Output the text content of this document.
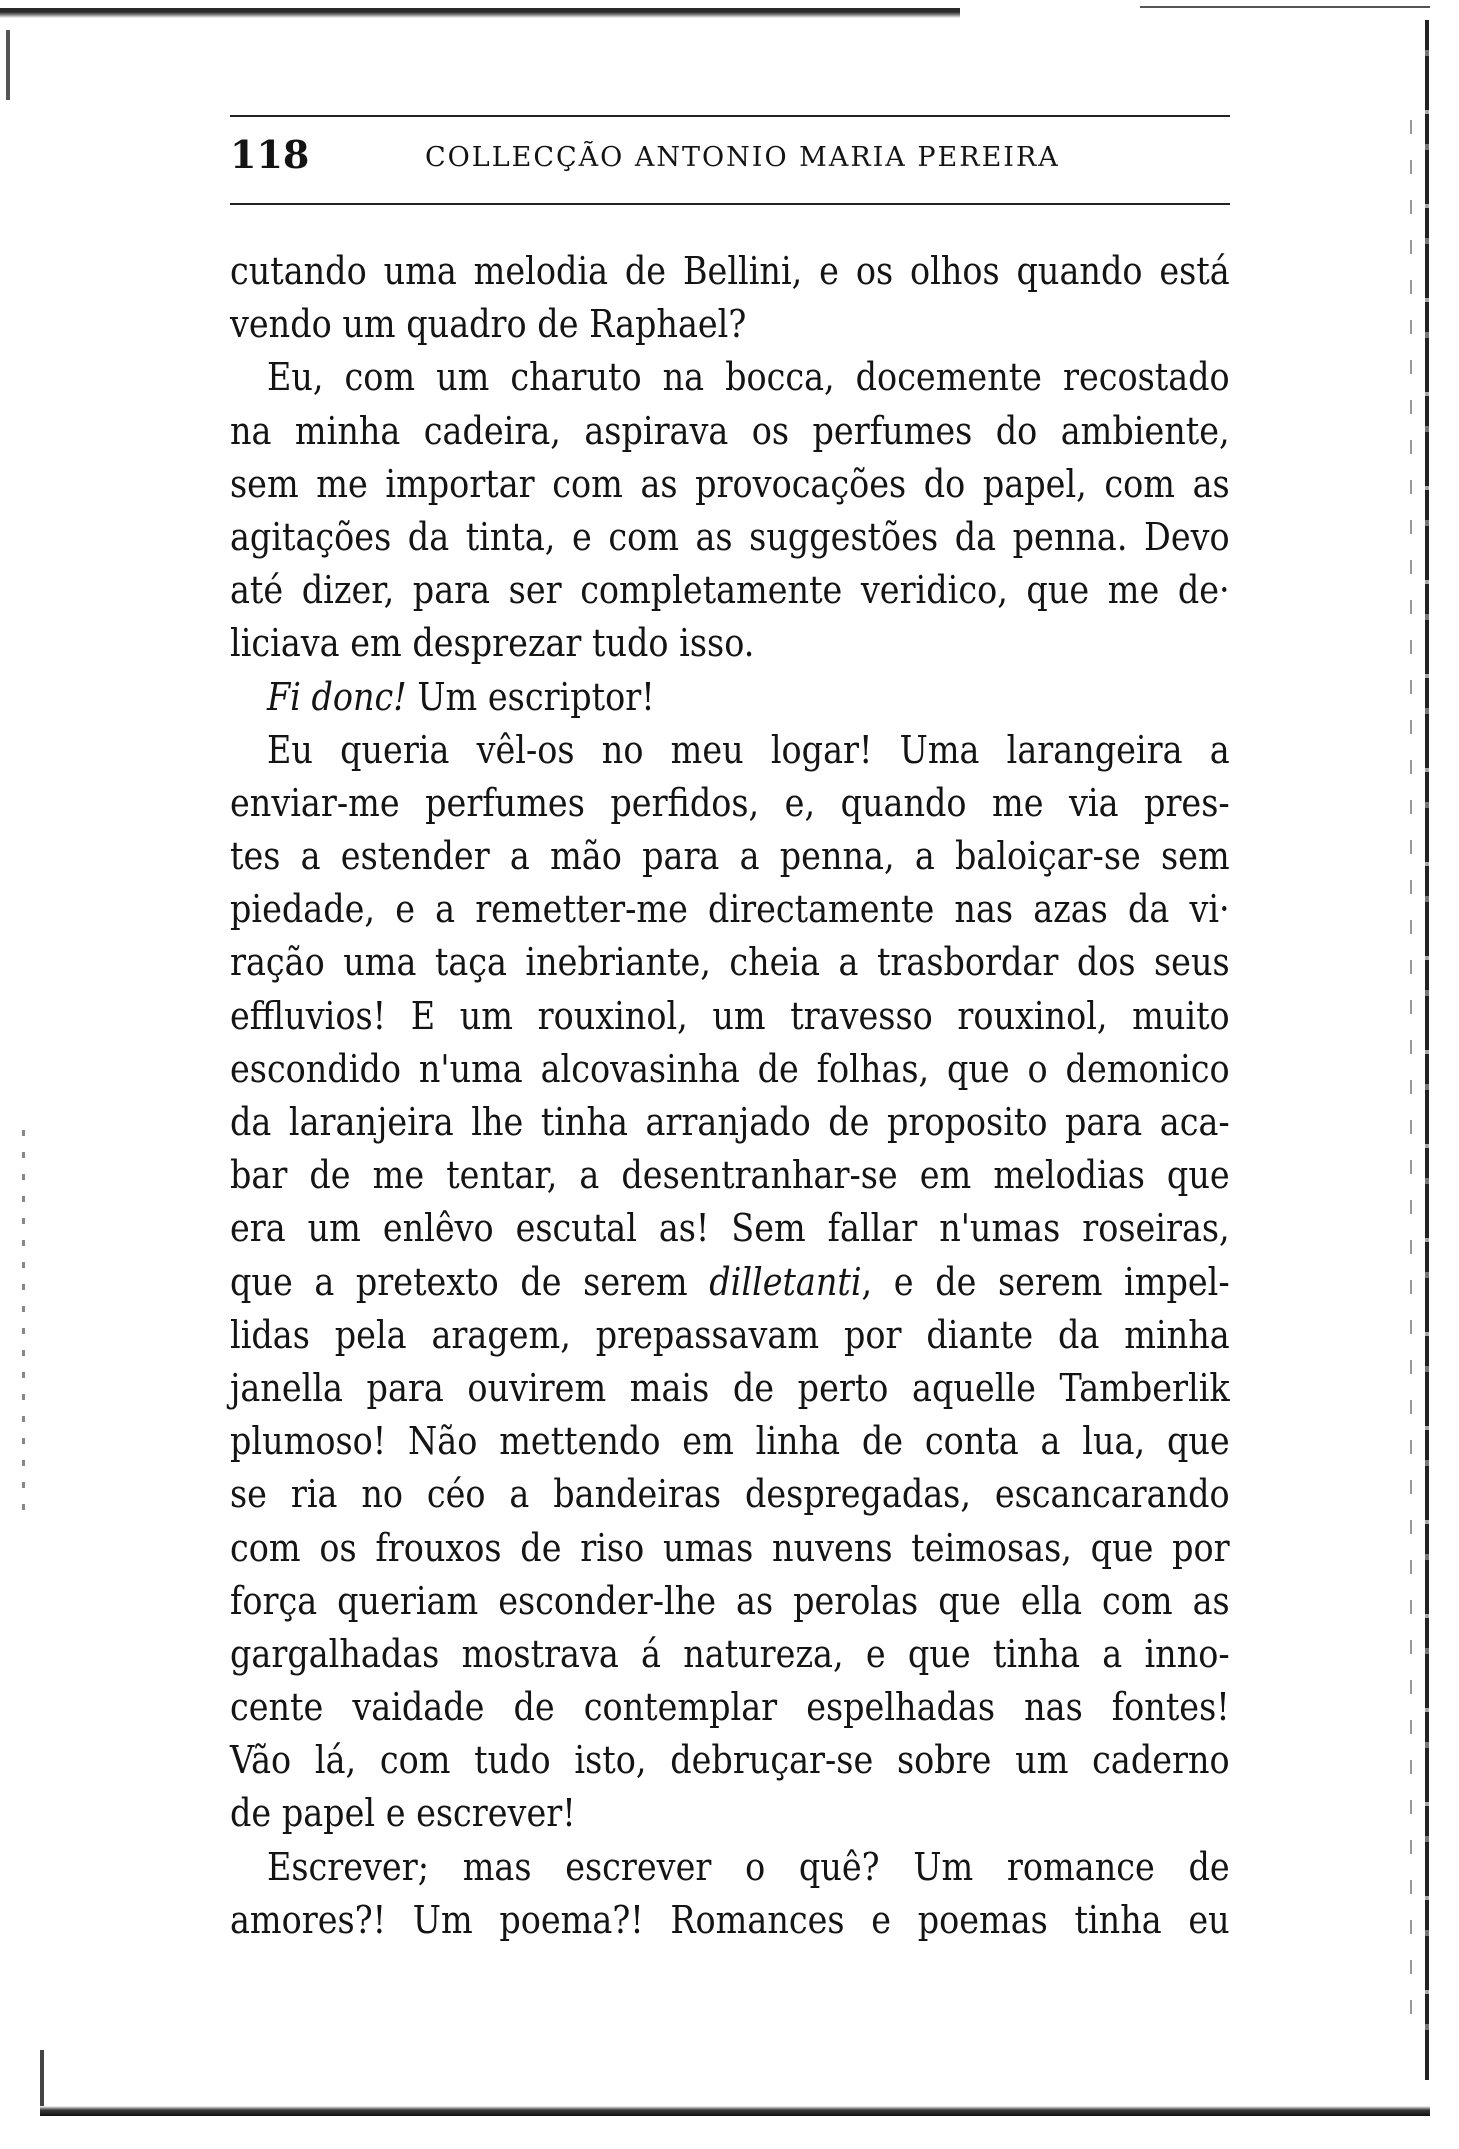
118	COLLECÇÃO ANTONIO MARIA PEREIRA
cutando uma melodia de Bellini, e os olhos quando está
vendo um quadro de Raphael?
Eu, com um charuto na bocca, docemente recostado
na minha cadeira, aspirava os perfumes do ambiente,
sem me importar com as provocações do papel, com as
agitações da tinta, e com as suggestões da penna. Devo
até dizer, para ser completamente veridico, que me de·
liciava em desprezar tudo isso.
Fi donc! Um escriptor!
Eu queria vêl-os no meu logar! Uma larangeira a
enviar-me perfumes perfidos, e, quando me via pres-
tes a estender a mão para a penna, a baloiçar-se sem
piedade, e a remetter-me directamente nas azas da vi·
ração uma taça inebriante, cheia a trasbordar dos seus
effluvios! E um rouxinol, um travesso rouxinol, muito
escondido n'uma alcovasinha de folhas, que o demonico
da laranjeira lhe tinha arranjado de proposito para aca-
bar de me tentar, a desentranhar-se em melodias que
era um enlêvo escutal as! Sem fallar n'umas roseiras,
que a pretexto de serem dilletanti, e de serem impel-
lidas pela aragem, prepassavam por diante da minha
janella para ouvirem mais de perto aquelle Tamberlik
plumoso! Não mettendo em linha de conta a lua, que
se ria no céo a bandeiras despregadas, escancarando
com os frouxos de riso umas nuvens teimosas, que por
força queriam esconder-lhe as perolas que ella com as
gargalhadas mostrava á natureza, e que tinha a inno-
cente vaidade de contemplar espelhadas nas fontes!
Vão lá, com tudo isto, debruçar-se sobre um caderno
de papel e escrever!
Escrever; mas escrever o quê? Um romance de
amores?! Um poema?! Romances e poemas tinha eu
